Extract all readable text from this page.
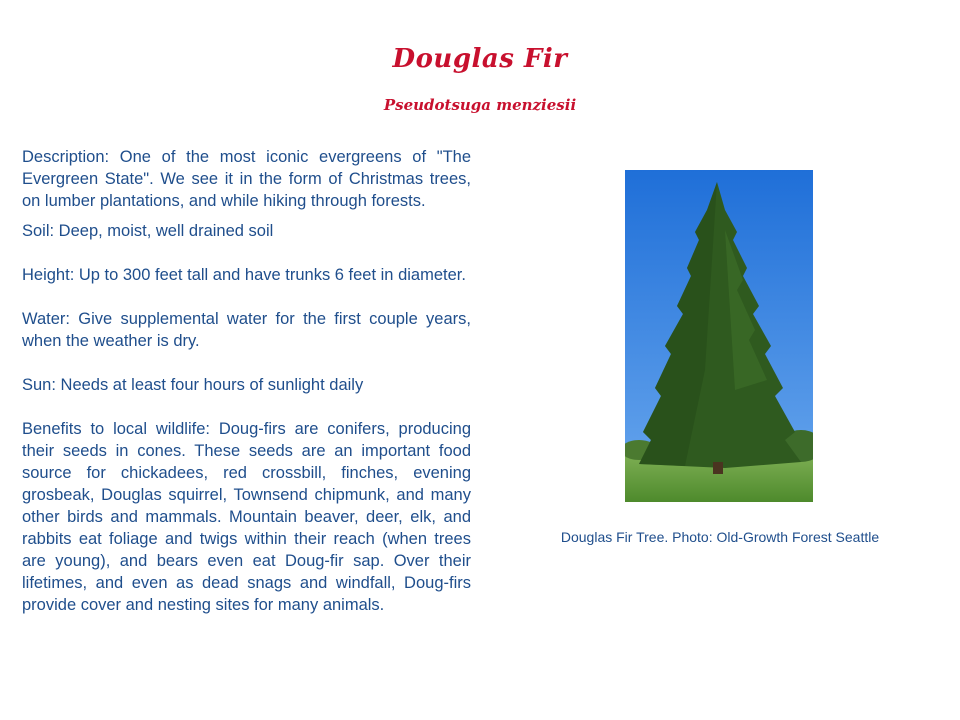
Douglas Fir
Pseudotsuga menziesii

Description: One of the most iconic evergreens of "The Evergreen State". We see it in the form of Christmas trees, on lumber plantations, and while hiking through forests.

Soil: Deep, moist, well drained soil

Height: Up to 300 feet tall and have trunks 6 feet in diameter.

Water: Give supplemental water for the first couple years, when the weather is dry.

Sun: Needs at least four hours of sunlight daily

Benefits to local wildlife: Doug-firs are conifers, producing their seeds in cones. These seeds are an important food source for chickadees, red crossbill, finches, evening grosbeak, Douglas squirrel, Townsend chipmunk, and many other birds and mammals. Mountain beaver, deer, elk, and rabbits eat foliage and twigs within their reach (when trees are young), and bears even eat Doug-fir sap. Over their lifetimes, and even as dead snags and windfall, Doug-firs provide cover and nesting sites for many animals.

Douglas Fir Tree. Photo: Old-Growth Forest Seattle
